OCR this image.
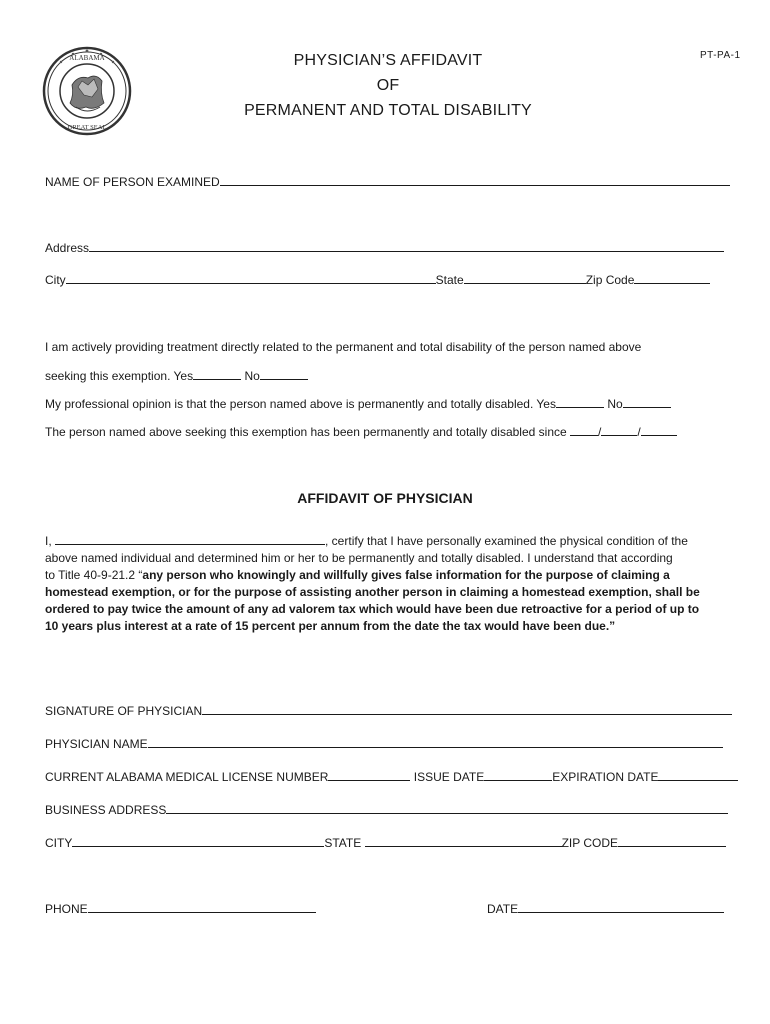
ALABAMA
GREAT SEAL
PT-PA-1
PHYSICIAN’S AFFIDAVIT
OF
PERMANENT AND TOTAL DISABILITY
NAME OF PERSON EXAMINED
Address
City	State	Zip Code
I am actively providing treatment directly related to the permanent and total disability of the person named above
seeking this exemption. Yes	No
My professional opinion is that the person named above is permanently and totally disabled. Yes	No
The person named above seeking this exemption has been permanently and totally disabled since	/	/
AFFIDAVIT OF PHYSICIAN
I,	, certify that I have personally examined the physical condition of the
above named individual and determined him or her to be permanently and totally disabled. I understand that according
to Title 40-9-21.2 “any person who knowingly and willfully gives false information for the purpose of claiming a
homestead exemption, or for the purpose of assisting another person in claiming a homestead exemption, shall be
ordered to pay twice the amount of any ad valorem tax which would have been due retroactive for a period of up to
10 years plus interest at a rate of 15 percent per annum from the date the tax would have been due.”
SIGNATURE OF PHYSICIAN
PHYSICIAN NAME
CURRENT ALABAMA MEDICAL LICENSE NUMBER	ISSUE DATE	EXPIRATION DATE
BUSINESS ADDRESS
CITY	STATE	ZIP CODE
PHONE	DATE
